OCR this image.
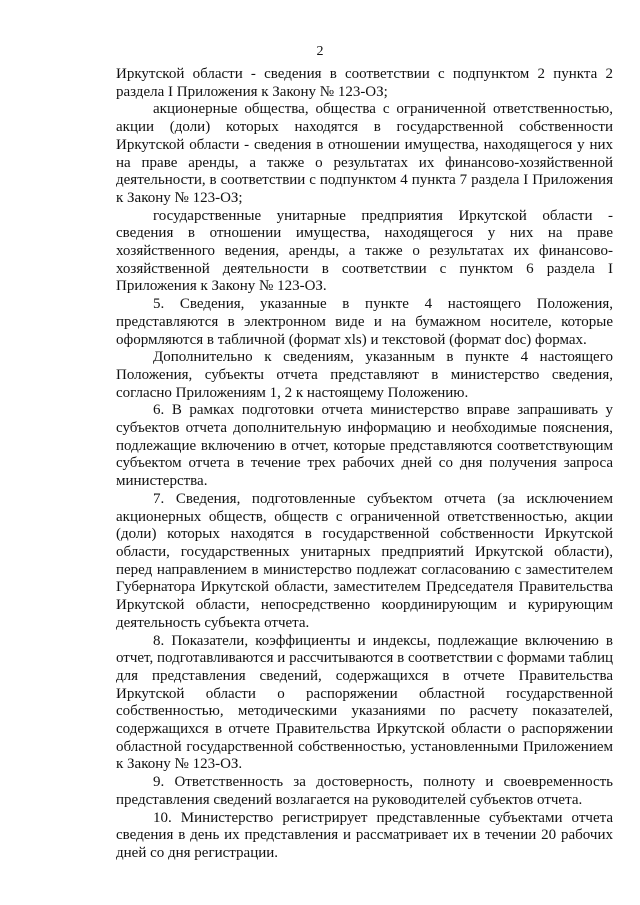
2

Иркутской области - сведения в соответствии с подпунктом 2 пункта 2 раздела I Приложения к Закону № 123-ОЗ;

акционерные общества, общества с ограниченной ответственностью, акции (доли) которых находятся в государственной собственности Иркутской области - сведения в отношении имущества, находящегося у них на праве аренды, а также о результатах их финансово-хозяйственной деятельности, в соответствии с подпунктом 4 пункта 7 раздела I Приложения к Закону № 123-ОЗ;

государственные унитарные предприятия Иркутской области - сведения в отношении имущества, находящегося у них на праве хозяйственного ведения, аренды, а также о результатах их финансово-хозяйственной деятельности в соответствии с пунктом 6 раздела I Приложения к Закону № 123-ОЗ.

5. Сведения, указанные в пункте 4 настоящего Положения, представляются в электронном виде и на бумажном носителе, которые оформляются в табличной (формат xls) и текстовой (формат doc) формах.

Дополнительно к сведениям, указанным в пункте 4 настоящего Положения, субъекты отчета представляют в министерство сведения, согласно Приложениям 1, 2 к настоящему Положению.

6. В рамках подготовки отчета министерство вправе запрашивать у субъектов отчета дополнительную информацию и необходимые пояснения, подлежащие включению в отчет, которые представляются соответствующим субъектом отчета в течение трех рабочих дней со дня получения запроса министерства.

7. Сведения, подготовленные субъектом отчета (за исключением акционерных обществ, обществ с ограниченной ответственностью, акции (доли) которых находятся в государственной собственности Иркутской области, государственных унитарных предприятий Иркутской области), перед направлением в министерство подлежат согласованию с заместителем Губернатора Иркутской области, заместителем Председателя Правительства Иркутской области, непосредственно координирующим и курирующим деятельность субъекта отчета.

8. Показатели, коэффициенты и индексы, подлежащие включению в отчет, подготавливаются и рассчитываются в соответствии с формами таблиц для представления сведений, содержащихся в отчете Правительства Иркутской области о распоряжении областной государственной собственностью, методическими указаниями по расчету показателей, содержащихся в отчете Правительства Иркутской области о распоряжении областной государственной собственностью, установленными Приложением к Закону № 123-ОЗ.

9. Ответственность за достоверность, полноту и своевременность представления сведений возлагается на руководителей субъектов отчета.

10. Министерство регистрирует представленные субъектами отчета сведения в день их представления и рассматривает их в течении 20 рабочих дней со дня регистрации.
